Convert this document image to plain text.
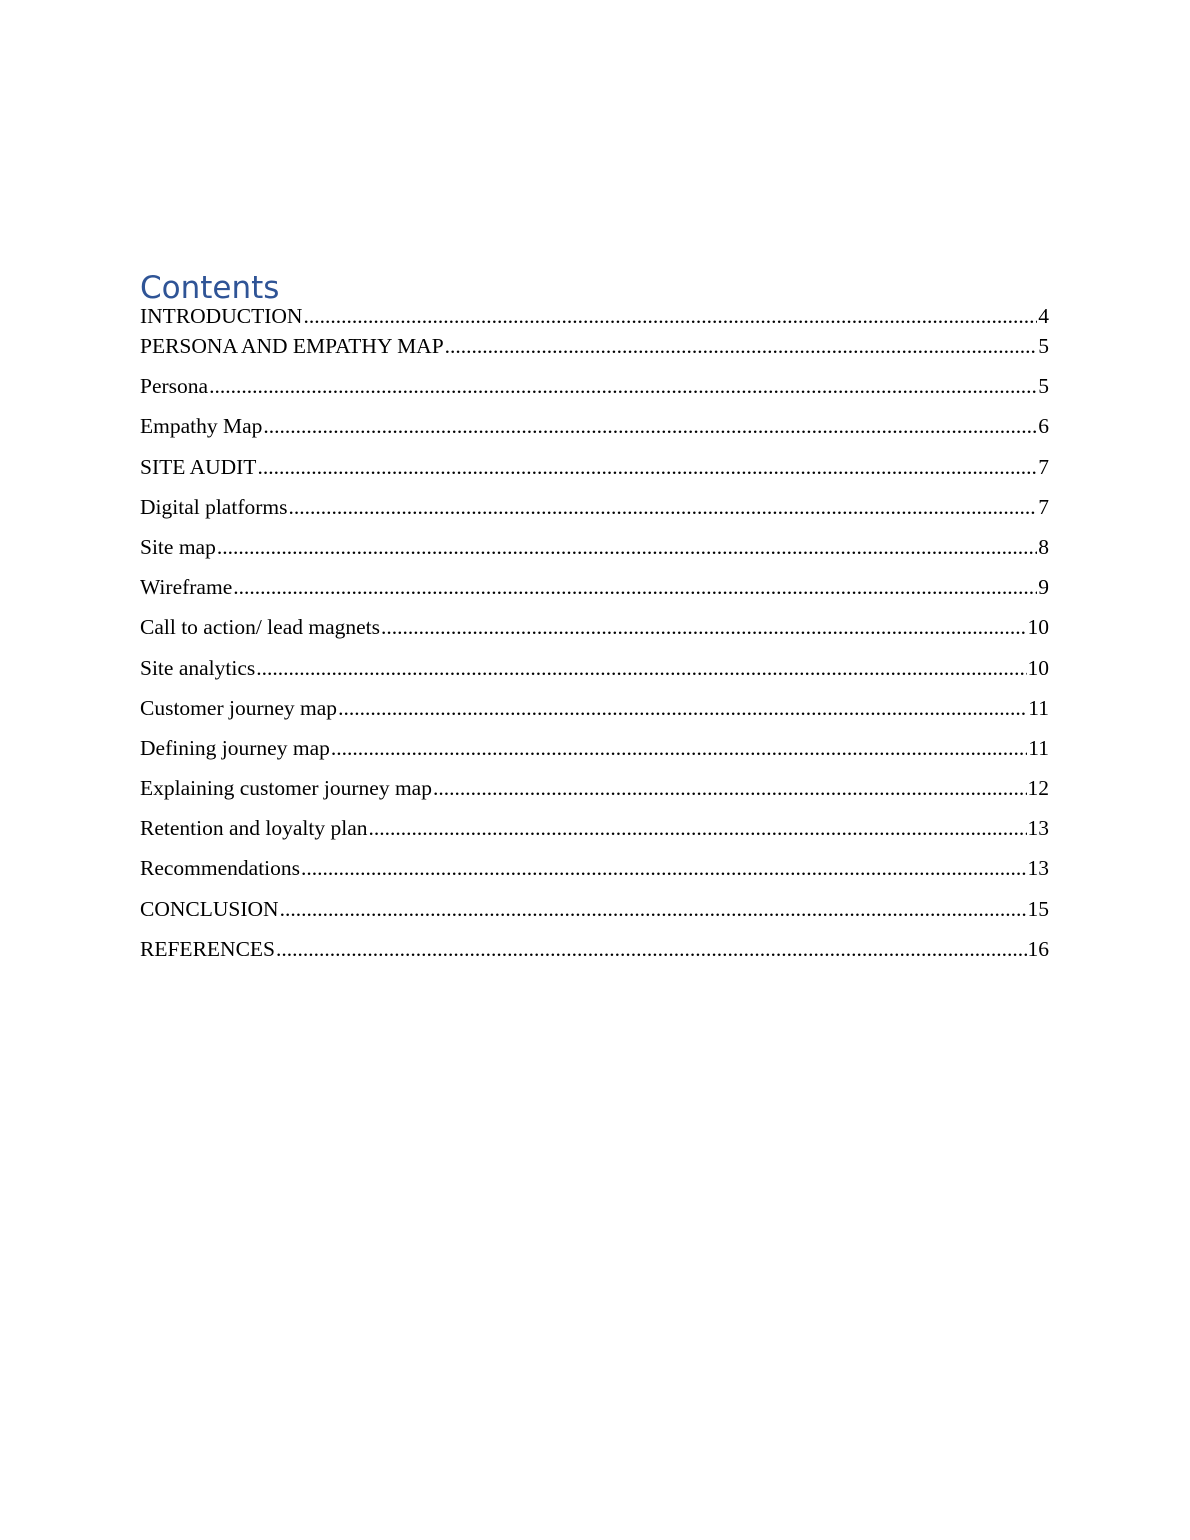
Contents
INTRODUCTION .....	4
PERSONA AND EMPATHY MAP .....	5
Persona .....	5
Empathy Map .....	6
SITE AUDIT .....	7
Digital platforms .....	7
Site map .....	8
Wireframe .....	9
Call to action/ lead magnets .....	10
Site analytics .....	10
Customer journey map .....	11
Defining journey map .....	11
Explaining customer journey map .....	12
Retention and loyalty plan .....	13
Recommendations .....	13
CONCLUSION .....	15
REFERENCES .....	16
